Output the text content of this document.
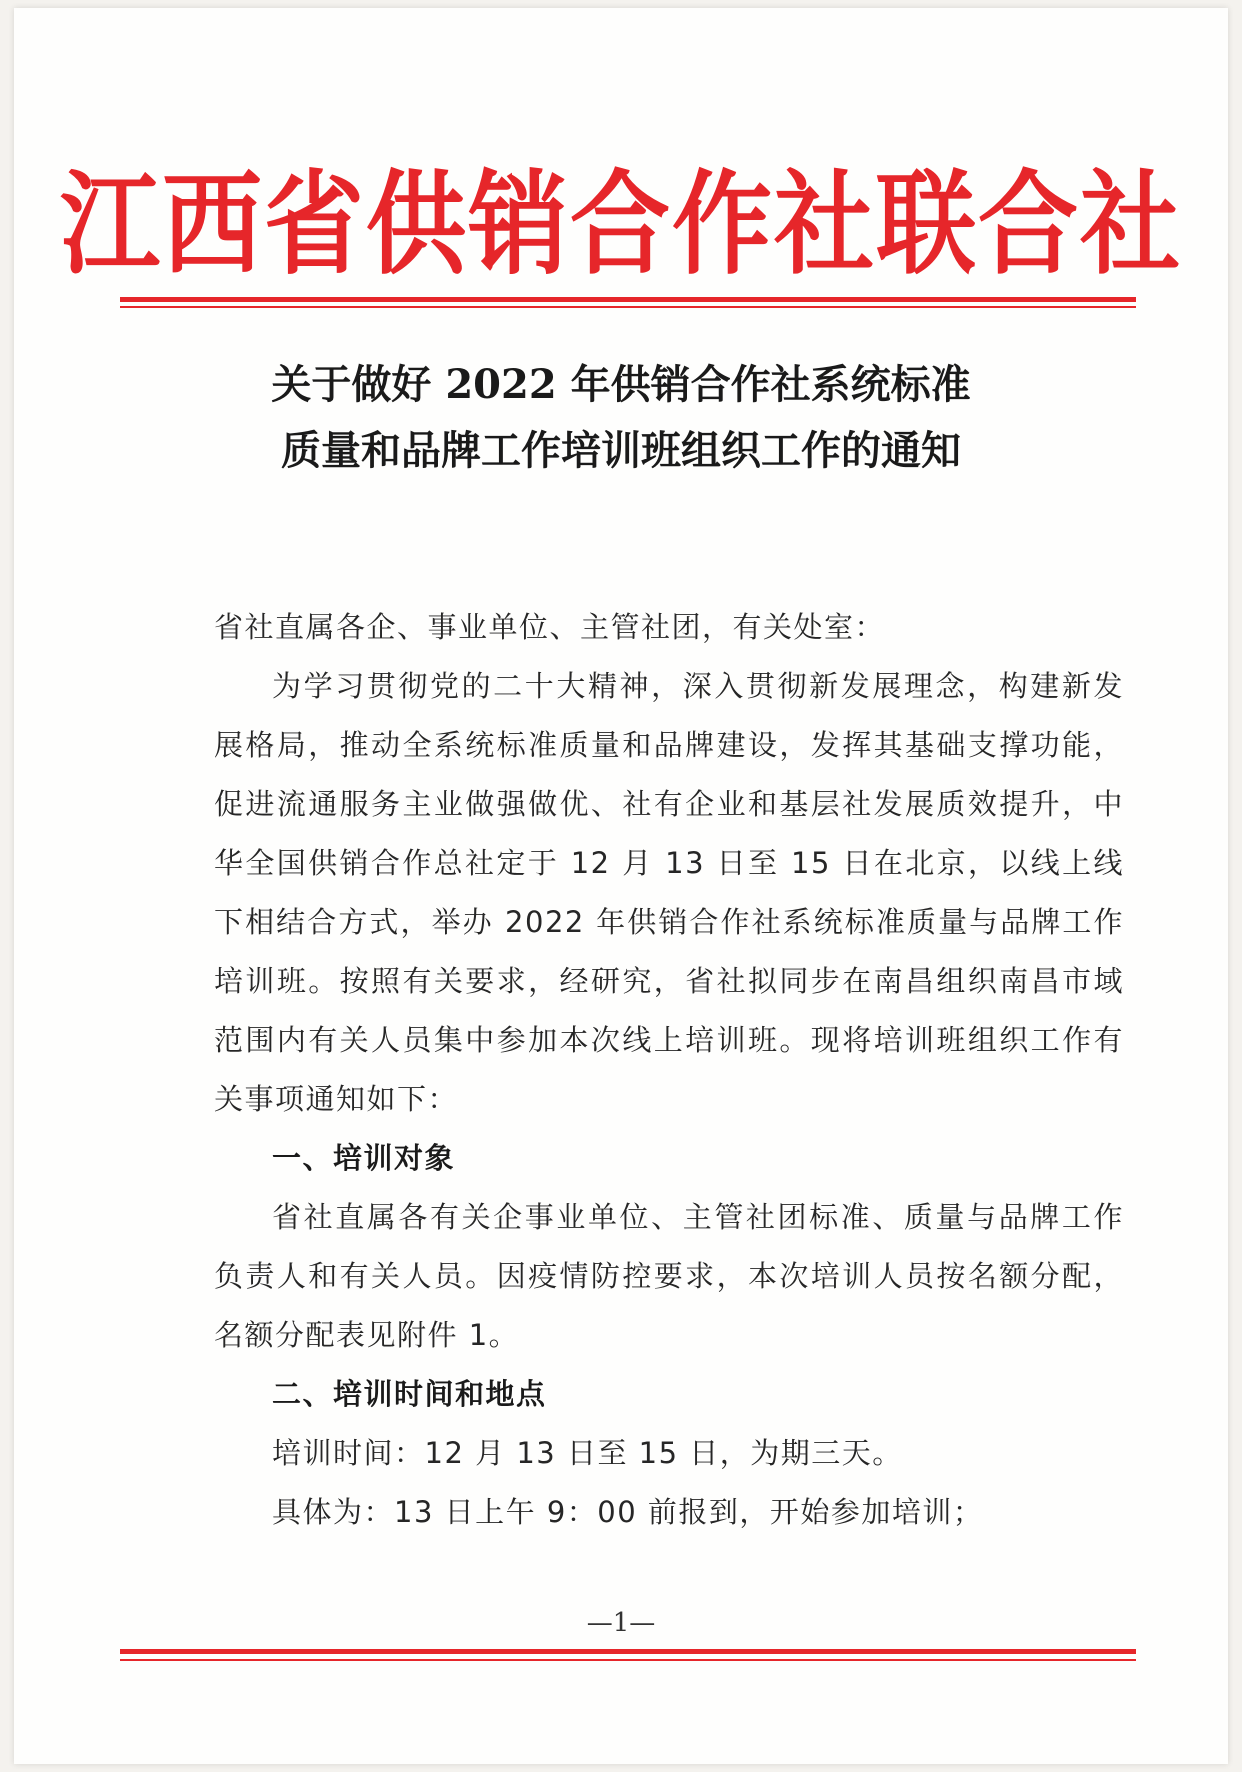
江西省供销合作社联合社
关于做好 2022 年供销合作社系统标准
质量和品牌工作培训班组织工作的通知

省社直属各企、事业单位、主管社团，有关处室：

为学习贯彻党的二十大精神，深入贯彻新发展理念，构建新发展格局，推动全系统标准质量和品牌建设，发挥其基础支撑功能，促进流通服务主业做强做优、社有企业和基层社发展质效提升，中华全国供销合作总社定于 12 月 13 日至 15 日在北京，以线上线下相结合方式，举办 2022 年供销合作社系统标准质量与品牌工作培训班。按照有关要求，经研究，省社拟同步在南昌组织南昌市域范围内有关人员集中参加本次线上培训班。现将培训班组织工作有关事项通知如下：

一、培训对象

省社直属各有关企事业单位、主管社团标准、质量与品牌工作负责人和有关人员。因疫情防控要求，本次培训人员按名额分配，名额分配表见附件 1。

二、培训时间和地点

培训时间：12 月 13 日至 15 日，为期三天。

具体为：13 日上午 9：00 前报到，开始参加培训；

—1—
